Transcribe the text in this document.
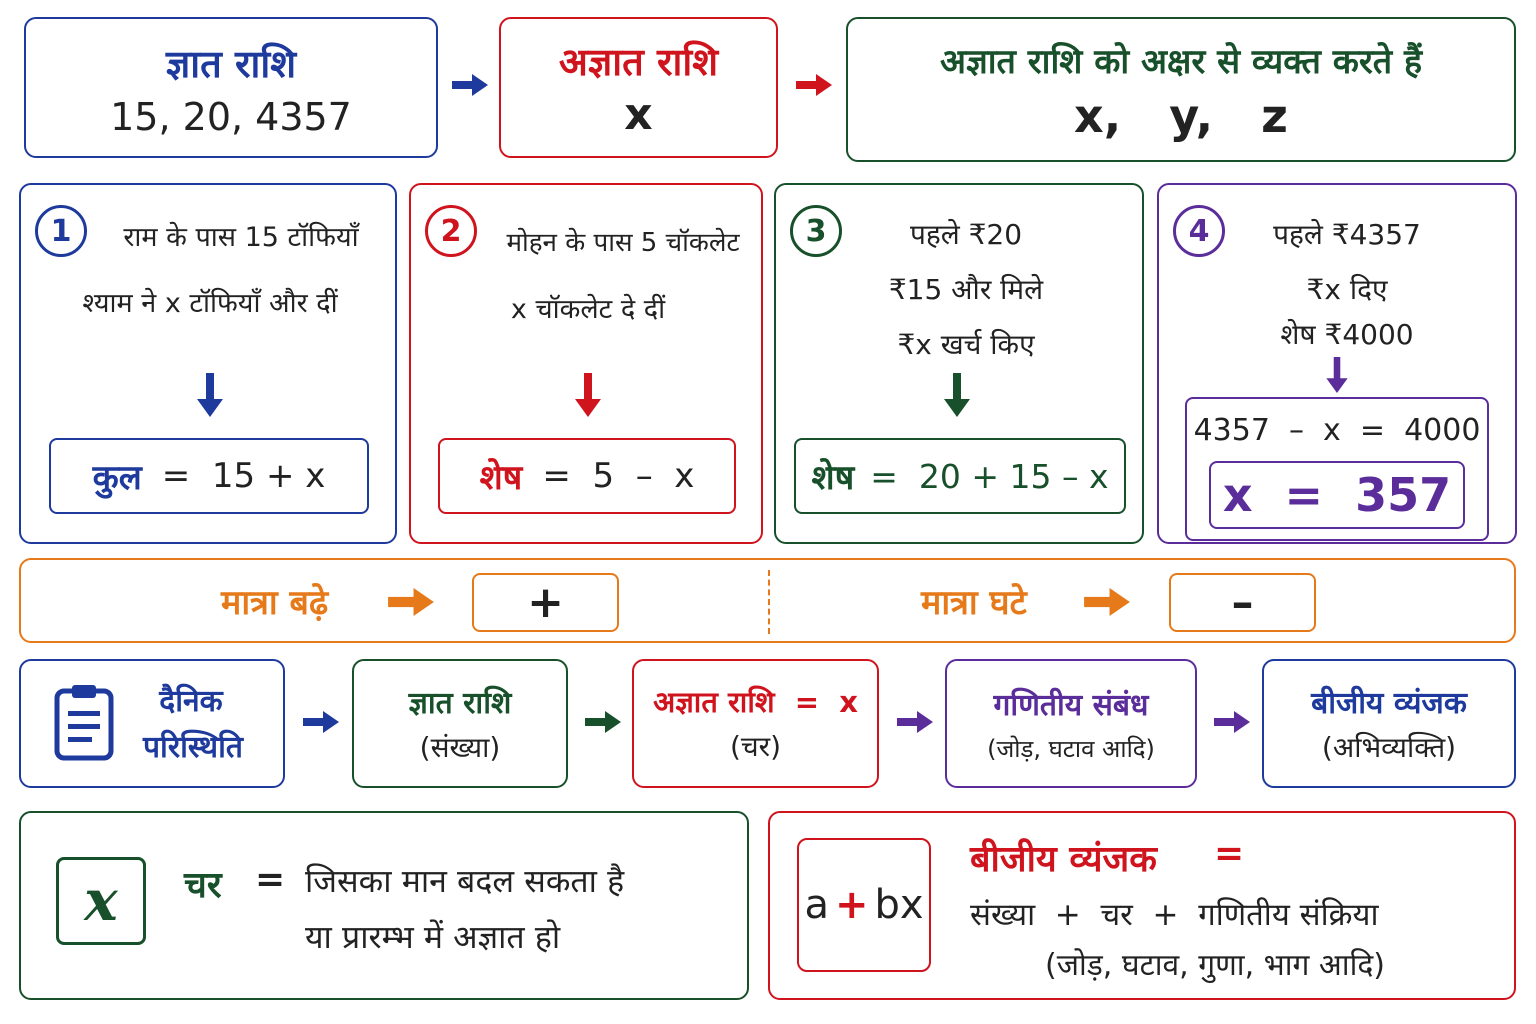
ज्ञात राशि
15, 20, 4357
अज्ञात राशि
x
अज्ञात राशि को अक्षर से व्यक्त करते हैं
x,   y,   z
1	राम के पास 15 टॉफियाँ
श्याम ने x टॉफियाँ और दीं
कुल =  15 + x
2	मोहन के पास 5 चॉकलेट
x चॉकलेट दे दीं
शेष =  5  –  x
3	पहले ₹20
₹15 और मिले
₹x खर्च किए
शेष =  20 + 15 – x
4	पहले ₹4357
₹x दिए
शेष ₹4000
4357  –  x  =  4000
x  =  357
मात्रा बढ़े	+	मात्रा घटे	–
दैनिक
परिस्थिति
ज्ञात राशि
(संख्या)
अज्ञात राशि  =  x
(चर)
गणितीय संबंध
(जोड़, घटाव आदि)
बीजीय व्यंजक
(अभिव्यक्ति)
x चर = जिसका मान बदल सकता है
या प्रारम्भ में अज्ञात हो
a + bx
बीजीय व्यंजक =
संख्या  +  चर  +  गणितीय संक्रिया
(जोड़, घटाव, गुणा, भाग आदि)
